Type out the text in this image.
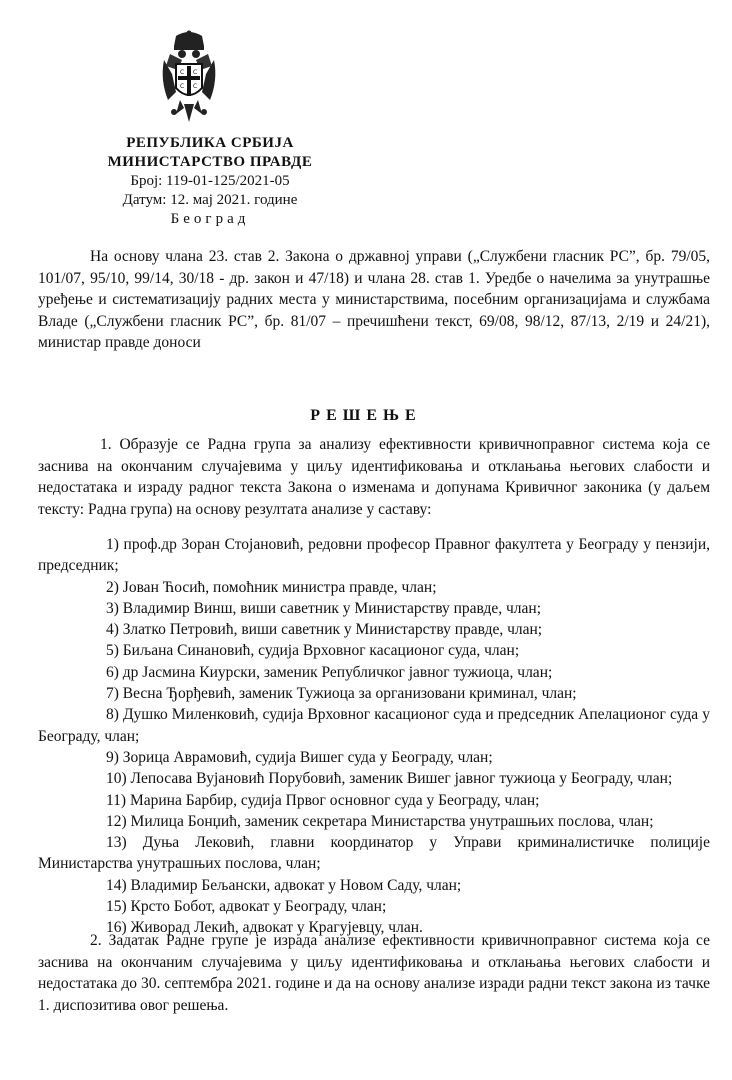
С С
С С
РЕПУБЛИКА СРБИЈА
МИНИСТАРСТВО ПРАВДЕ
Број: 119-01-125/2021-05
Датум: 12. мај 2021. године
Београд
На основу члана 23. став 2. Закона о државној управи („Службени гласник РС”, бр. 79/05, 101/07, 95/10, 99/14, 30/18 - др. закон и 47/18) и члана 28. став 1. Уредбе о начелима за унутрашње уређење и систематизацију радних места у министарствима, посебним организацијама и службама Владе („Службени гласник РС”, бр. 81/07 – пречишћени текст, 69/08, 98/12, 87/13, 2/19 и 24/21), министар правде доноси
РЕШЕЊЕ
1. Образује се Радна група за анализу ефективности кривичноправног система која се заснива на окончаним случајевима у циљу идентификовања и отклањања његових слабости и недостатака и израду радног текста Закона о изменама и допунама Кривичног законика (у даљем тексту: Радна група) на основу резултата анализе у саставу:
1) проф.др Зоран Стојановић, редовни професор Правног факултета у Београду у пензији, председник;
2) Јован Ћосић, помоћник министра правде, члан;
3) Владимир Винш, виши саветник у Министарству правде, члан;
4) Златко Петровић, виши саветник у Министарству правде, члан;
5) Биљана Синановић, судија Врховног касационог суда, члан;
6) др Јасмина Киурски, заменик Републичког јавног тужиоца, члан;
7) Весна Ђорђевић, заменик Тужиоца за организовани криминал, члан;
8) Душко Миленковић, судија Врховног касационог суда и председник Апелационог суда у Београду, члан;
9) Зорица Аврамовић, судија Вишег суда у Београду, члан;
10) Лепосава Вујановић Порубовић, заменик Вишег јавног тужиоца у Београду, члан;
11) Марина Барбир, судија Првог основног суда у Београду, члан;
12) Милица Бонџић, заменик секретара Министарства унутрашњих послова, члан;
13) Дуња Лековић, главни координатор у Управи криминалистичке полиције Министарства унутрашњих послова, члан;
14) Владимир Бељански, адвокат у Новом Саду, члан;
15) Крсто Бобот, адвокат у Београду, члан;
16) Живорад Лекић, адвокат у Крагујевцу, члан.
2. Задатак Радне групе је израдa анализе ефективности кривичноправног система која се заснива на окончаним случајевима у циљу идентификовања и отклањања његових слабости и недостатака до 30. септембра 2021. године и да на основу анализе изради радни текст закона из тачке 1. диспозитива овог решења.
